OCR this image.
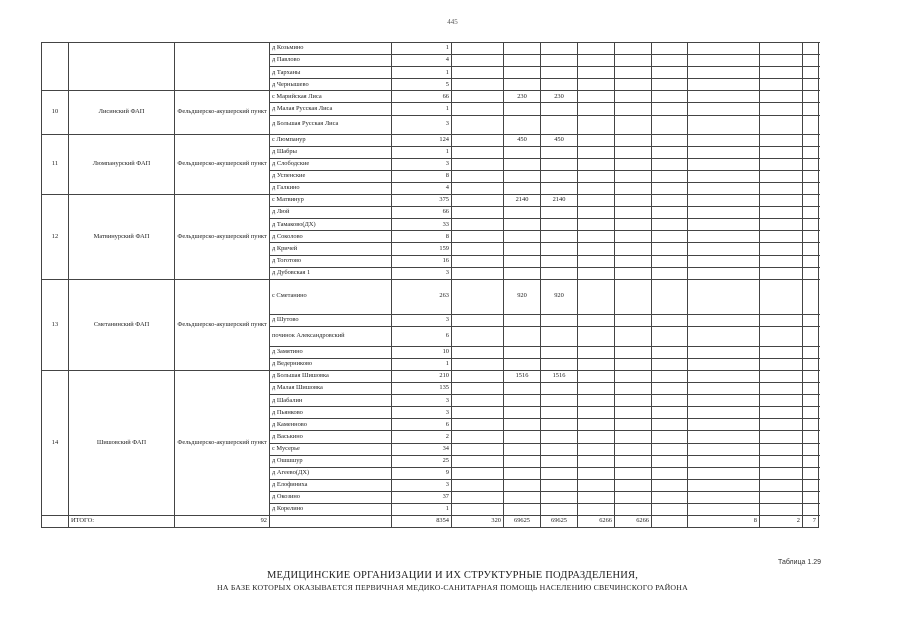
445
			д Козьмино	1										
			д Павлово	4										
			д Тарханы	1										
			д Чернышево	5										
10	Лисинский ФАП	Фельдшерско-акушерский пункт	с Марийская Лиса	66		230	230							
			д Малая Русская Лиса	1										
			д Большая Русская Лиса	3										
11	Люмпанурский ФАП	Фельдшерско-акушерский пункт	с Люмпанур	124		450	450							
			д Шабры	1										
			д Слободские	3										
			д Успенские	8										
			д Галкино	4										
12	Матвинурский ФАП	Фельдшерско-акушерский пункт	с Матвинур	375		2140	2140							
			д Люй	66										
			д Тамаково(ДХ)	33										
			д Соколово	8										
			д Кричей	159										
			д Тоготово	16										
			д Дубовская 1	3										
13	Сметанинский ФАП	Фельдшерско-акушерский пункт	с Сметанино	263		920	920							
			д Шутово	3										
			починок Александровский	6										
			д Замятино	10										
			д Ведерниково	1										
14	Шишовский ФАП	Фельдшерско-акушерский пункт	д Большая Шишовка	210		1516	1516							
			д Малая Шишовка	135										
			д Шабалин	3										
			д Пьянково	3										
			д Каменново	6										
			д Васькино	2										
			с Мусерье	34										
			д Ошшшур	25										
			д Агеево(ДХ)	9										
			д Елофиниха	3										
			д Окозино	37										
			д Корелино	1										
	ИТОГО:	92		8354	320	69625	69625	6266	6266		8	2	7	
Таблица 1.29
МЕДИЦИНСКИЕ ОРГАНИЗАЦИИ И ИХ СТРУКТУРНЫЕ ПОДРАЗДЕЛЕНИЯ,
НА БАЗЕ КОТОРЫХ ОКАЗЫВАЕТСЯ ПЕРВИЧНАЯ МЕДИКО-САНИТАРНАЯ ПОМОЩЬ НАСЕЛЕНИЮ СВЕЧИНСКОГО РАЙОНА
